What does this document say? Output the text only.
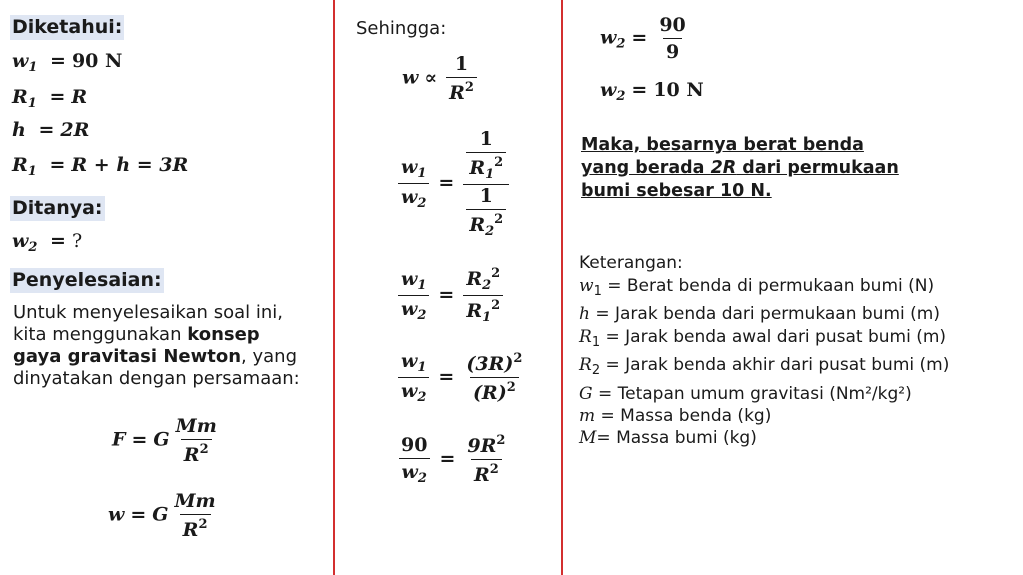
Diketahui:
$w_1 = 90$ N
$R_1 = R$
h = 2R
$R_1 = R + h = 3R$
Ditanya:
$w_2$ = ?
Penyelesaian:
Untuk menyelesaikan soal ini, kita menggunakan konsep gaya gravitasi Newton, yang dinyatakan dengan persamaan:
F = G $\frac{Mm}{R^2}$
w = G $\frac{Mm}{R^2}$
Sehingga:
$w \propto \frac{1}{R^2}$
$\frac{w_1}{w_2} = \frac{\frac{1}{R_1^2}}{\frac{1}{R_2^2}}$
$\frac{w_1}{w_2} = \frac{R_2^2}{R_1^2}$
$\frac{w_1}{w_2} = \frac{(3R)^2}{(R)^2}$
$\frac{90}{w_2} = \frac{9R^2}{R^2}$
$w_2 = \frac{90}{9}$
$w_2 = 10$ N
Maka, besarnya berat benda yang berada 2R dari permukaan bumi sebesar 10 N.
Keterangan:
$w_1$ = Berat benda di permukaan bumi (N)
h = Jarak benda dari permukaan bumi (m)
$R_1$ = Jarak benda awal dari pusat bumi (m)
$R_2$ = Jarak benda akhir dari pusat bumi (m)
G = Tetapan umum gravitasi (Nm²/kg²)
m = Massa benda (kg)
M= Massa bumi (kg)
